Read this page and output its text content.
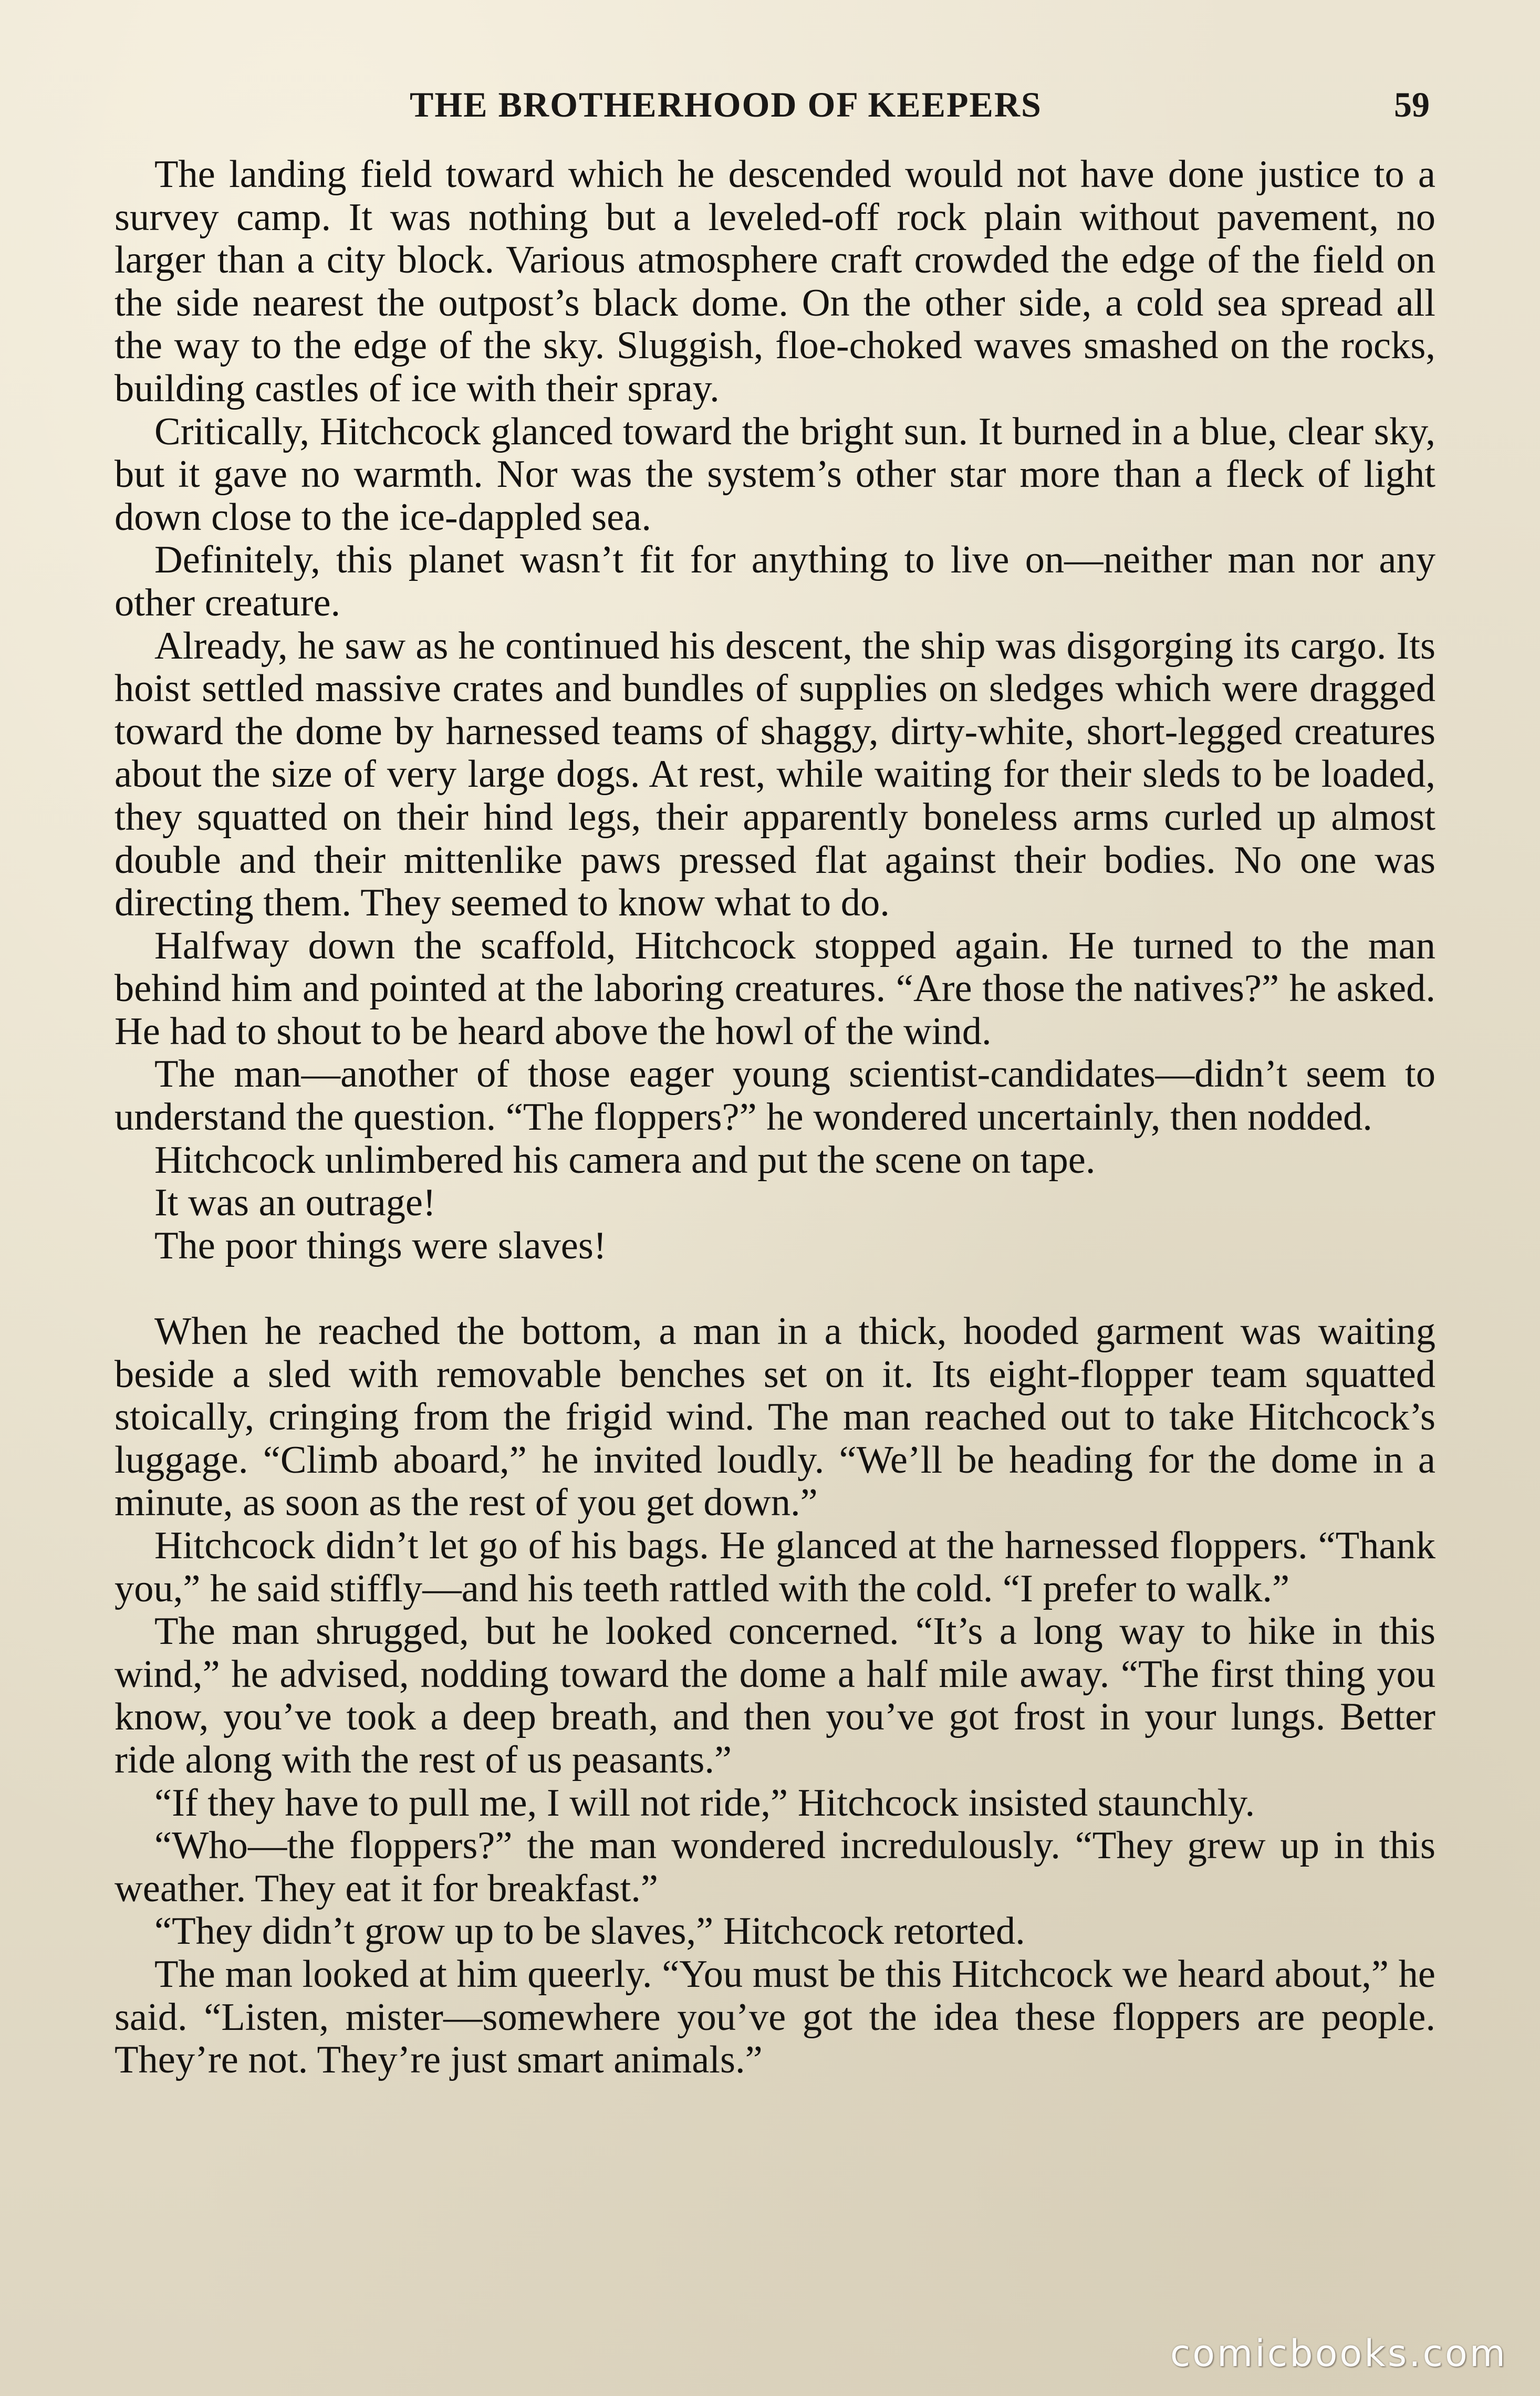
THE BROTHERHOOD OF KEEPERS	59

The landing field toward which he descended would not have done justice to a survey camp. It was nothing but a leveled-off rock plain without pavement, no larger than a city block. Various atmosphere craft crowded the edge of the field on the side nearest the outpost’s black dome. On the other side, a cold sea spread all the way to the edge of the sky. Sluggish, floe-choked waves smashed on the rocks, building castles of ice with their spray.

Critically, Hitchcock glanced toward the bright sun. It burned in a blue, clear sky, but it gave no warmth. Nor was the system’s other star more than a fleck of light down close to the ice-dappled sea.

Definitely, this planet wasn’t fit for anything to live on—neither man nor any other creature.

Already, he saw as he continued his descent, the ship was disgorging its cargo. Its hoist settled massive crates and bundles of supplies on sledges which were dragged toward the dome by harnessed teams of shaggy, dirty-white, short-legged creatures about the size of very large dogs. At rest, while waiting for their sleds to be loaded, they squatted on their hind legs, their apparently boneless arms curled up almost double and their mittenlike paws pressed flat against their bodies. No one was directing them. They seemed to know what to do.

Halfway down the scaffold, Hitchcock stopped again. He turned to the man behind him and pointed at the laboring creatures. “Are those the natives?” he asked. He had to shout to be heard above the howl of the wind.

The man—another of those eager young scientist-candidates—didn’t seem to understand the question. “The floppers?” he wondered uncertainly, then nodded.

Hitchcock unlimbered his camera and put the scene on tape.

It was an outrage!

The poor things were slaves!

When he reached the bottom, a man in a thick, hooded garment was waiting beside a sled with removable benches set on it. Its eight-flopper team squatted stoically, cringing from the frigid wind. The man reached out to take Hitchcock’s luggage. “Climb aboard,” he invited loudly. “We’ll be heading for the dome in a minute, as soon as the rest of you get down.”

Hitchcock didn’t let go of his bags. He glanced at the harnessed floppers. “Thank you,” he said stiffly—and his teeth rattled with the cold. “I prefer to walk.”

The man shrugged, but he looked concerned. “It’s a long way to hike in this wind,” he advised, nodding toward the dome a half mile away. “The first thing you know, you’ve took a deep breath, and then you’ve got frost in your lungs. Better ride along with the rest of us peasants.”

“If they have to pull me, I will not ride,” Hitchcock insisted staunchly.

“Who—the floppers?” the man wondered incredulously. “They grew up in this weather. They eat it for breakfast.”

“They didn’t grow up to be slaves,” Hitchcock retorted.

The man looked at him queerly. “You must be this Hitchcock we heard about,” he said. “Listen, mister—somewhere you’ve got the idea these floppers are people. They’re not. They’re just smart animals.”

comicbooks.com
